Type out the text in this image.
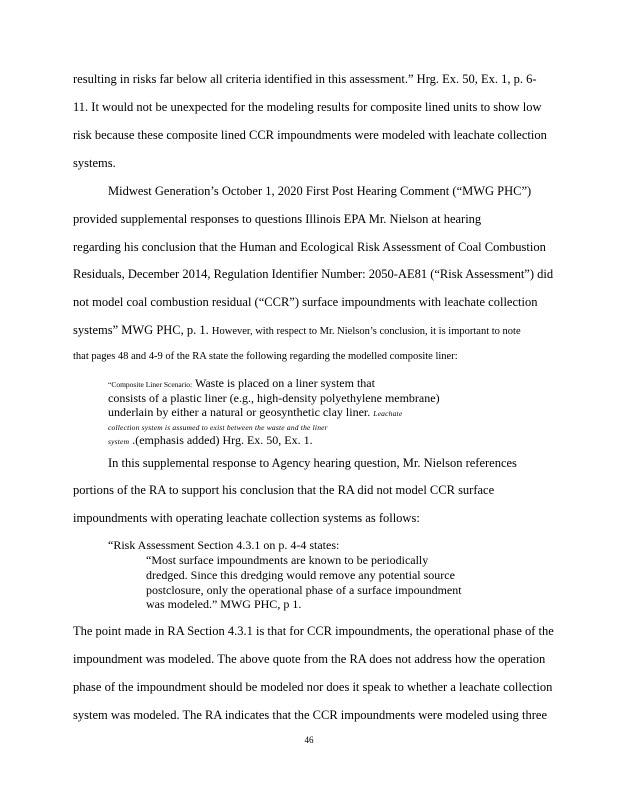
resulting in risks far below all criteria identified in this assessment.” Hrg. Ex. 50, Ex. 1, p. 6-

11. It would not be unexpected for the modeling results for composite lined units to show low

risk because these composite lined CCR impoundments were modeled with leachate collection

systems.

Midwest Generation’s October 1, 2020 First Post Hearing Comment (“MWG PHC”)

provided supplemental responses to questions Illinois EPA Mr. Nielson at hearing

regarding his conclusion that the Human and Ecological Risk Assessment of Coal Combustion

Residuals, December 2014, Regulation Identifier Number: 2050-AE81 (“Risk Assessment”) did

not model coal combustion residual (“CCR”) surface impoundments with leachate collection

systems” MWG PHC, p. 1. However, with respect to Mr. Nielson’s conclusion, it is important to note

that pages 48 and 4-9 of the RA state the following regarding the modelled composite liner:

“Composite Liner Scenario: Waste is placed on a liner system that

consists of a plastic liner (e.g., high-density polyethylene membrane)

underlain by either a natural or geosynthetic clay liner. Leachate

collection system is assumed to exist between the waste and the liner

system .(emphasis added) Hrg. Ex. 50, Ex. 1.

In this supplemental response to Agency hearing question, Mr. Nielson references

portions of the RA to support his conclusion that the RA did not model CCR surface

impoundments with operating leachate collection systems as follows:

“Risk Assessment Section 4.3.1 on p. 4-4 states:

“Most surface impoundments are known to be periodically

dredged. Since this dredging would remove any potential source

postclosure, only the operational phase of a surface impoundment

was modeled.” MWG PHC, p 1.

The point made in RA Section 4.3.1 is that for CCR impoundments, the operational phase of the

impoundment was modeled. The above quote from the RA does not address how the operation

phase of the impoundment should be modeled nor does it speak to whether a leachate collection

system was modeled. The RA indicates that the CCR impoundments were modeled using three

46
